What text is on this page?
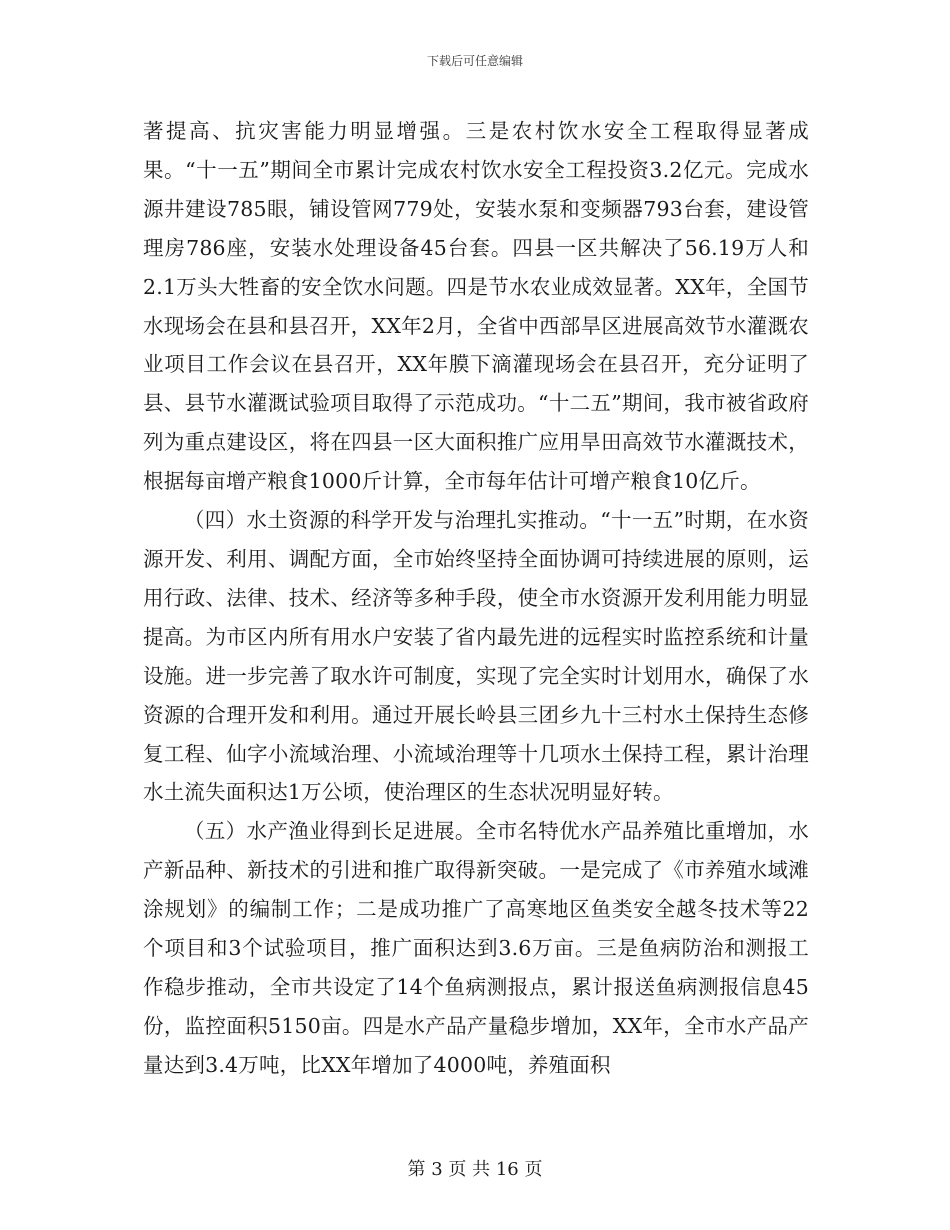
下载后可任意编辑

著提高、抗灾害能力明显增强。三是农村饮水安全工程取得显著成果。“十一五”期间全市累计完成农村饮水安全工程投资3.2亿元。完成水源井建设785眼，铺设管网779处，安装水泵和变频器793台套，建设管理房786座，安装水处理设备45台套。四县一区共解决了56.19万人和2.1万头大牲畜的安全饮水问题。四是节水农业成效显著。XX年，全国节水现场会在县和县召开，XX年2月，全省中西部旱区进展高效节水灌溉农业项目工作会议在县召开，XX年膜下滴灌现场会在县召开，充分证明了县、县节水灌溉试验项目取得了示范成功。“十二五”期间，我市被省政府列为重点建设区，将在四县一区大面积推广应用旱田高效节水灌溉技术，根据每亩增产粮食1000斤计算，全市每年估计可增产粮食10亿斤。

（四）水土资源的科学开发与治理扎实推动。“十一五”时期，在水资源开发、利用、调配方面，全市始终坚持全面协调可持续进展的原则，运用行政、法律、技术、经济等多种手段，使全市水资源开发利用能力明显提高。为市区内所有用水户安装了省内最先进的远程实时监控系统和计量设施。进一步完善了取水许可制度，实现了完全实时计划用水，确保了水资源的合理开发和利用。通过开展长岭县三团乡九十三村水土保持生态修复工程、仙字小流域治理、小流域治理等十几项水土保持工程，累计治理水土流失面积达1万公顷，使治理区的生态状况明显好转。

（五）水产渔业得到长足进展。全市名特优水产品养殖比重增加，水产新品种、新技术的引进和推广取得新突破。一是完成了《市养殖水域滩涂规划》的编制工作；二是成功推广了高寒地区鱼类安全越冬技术等22个项目和3个试验项目，推广面积达到3.6万亩。三是鱼病防治和测报工作稳步推动，全市共设定了14个鱼病测报点，累计报送鱼病测报信息45份，监控面积5150亩。四是水产品产量稳步增加，XX年，全市水产品产量达到3.4万吨，比XX年增加了4000吨，养殖面积

第 3 页 共 16 页
